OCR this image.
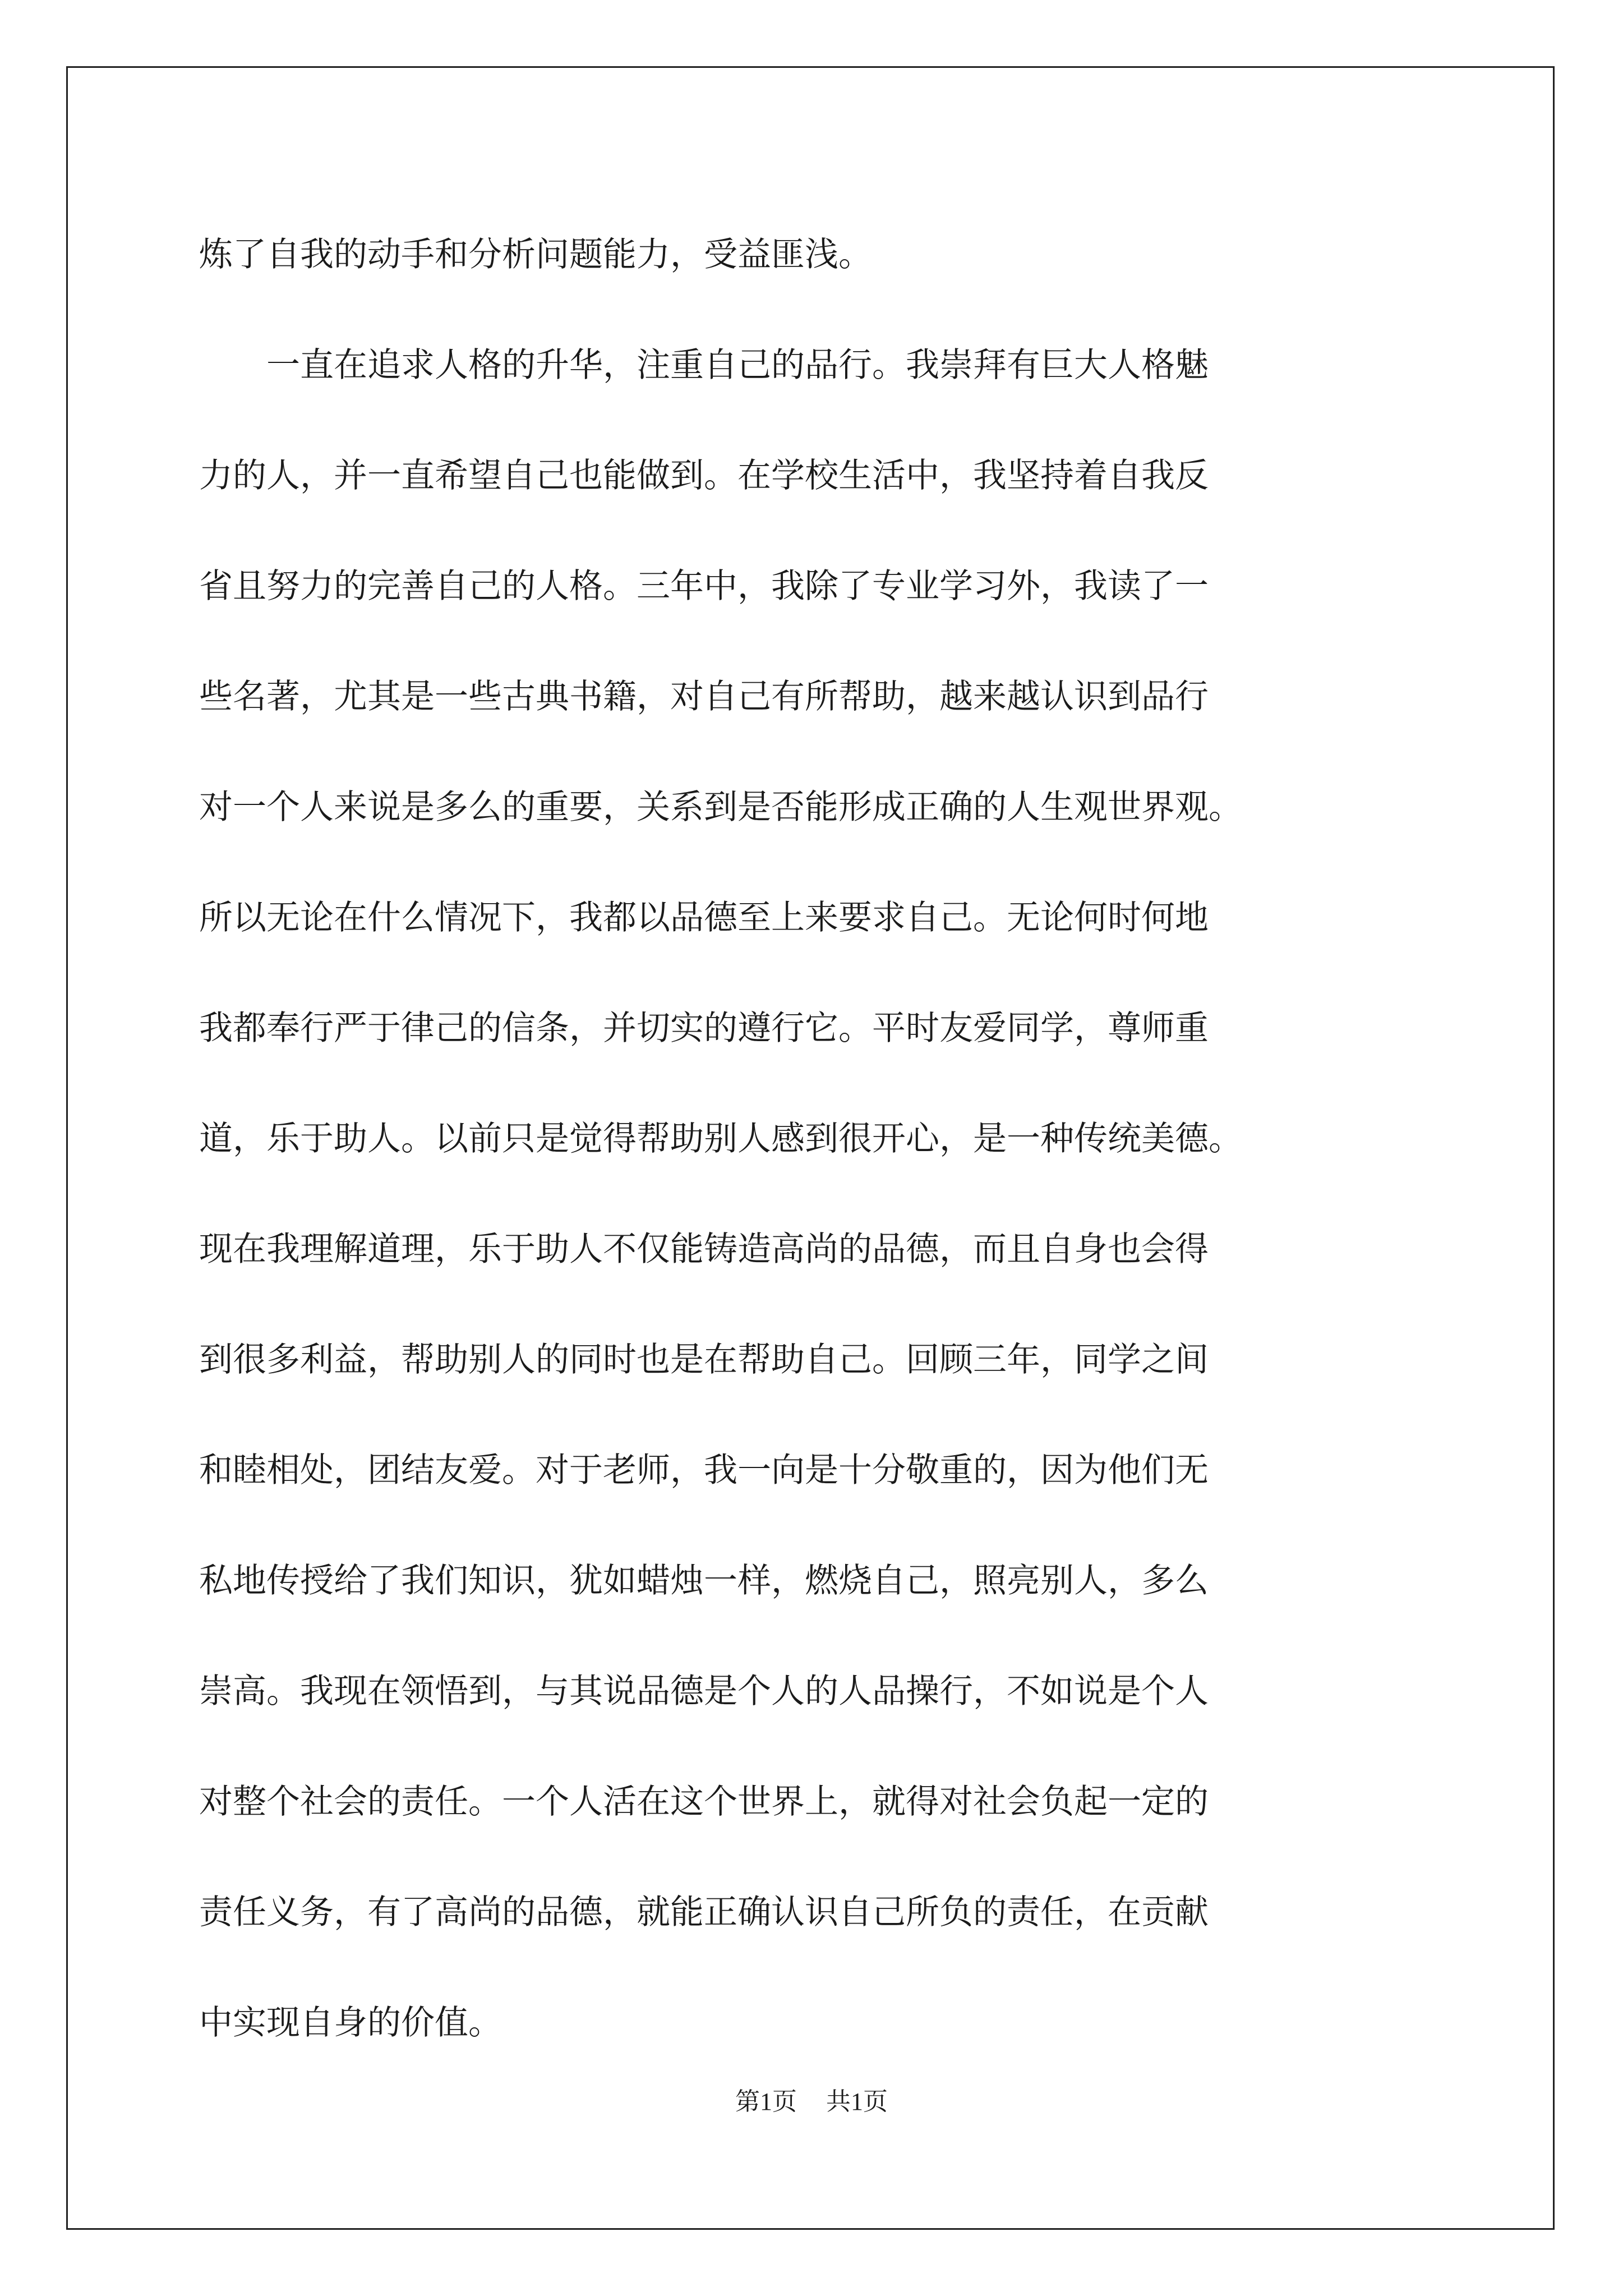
炼了自我的动手和分析问题能力，受益匪浅。

一直在追求人格的升华，注重自己的品行。我崇拜有巨大人格魅

力的人，并一直希望自己也能做到。在学校生活中，我坚持着自我反

省且努力的完善自己的人格。三年中，我除了专业学习外，我读了一

些名著，尤其是一些古典书籍，对自己有所帮助，越来越认识到品行

对一个人来说是多么的重要，关系到是否能形成正确的人生观世界观。

所以无论在什么情况下，我都以品德至上来要求自己。无论何时何地

我都奉行严于律己的信条，并切实的遵行它。平时友爱同学，尊师重

道，乐于助人。以前只是觉得帮助别人感到很开心，是一种传统美德。

现在我理解道理，乐于助人不仅能铸造高尚的品德，而且自身也会得

到很多利益，帮助别人的同时也是在帮助自己。回顾三年，同学之间

和睦相处，团结友爱。对于老师，我一向是十分敬重的，因为他们无

私地传授给了我们知识，犹如蜡烛一样，燃烧自己，照亮别人，多么

崇高。我现在领悟到，与其说品德是个人的人品操行，不如说是个人

对整个社会的责任。一个人活在这个世界上，就得对社会负起一定的

责任义务，有了高尚的品德，就能正确认识自己所负的责任，在贡献

中实现自身的价值。

第1页 共1页
